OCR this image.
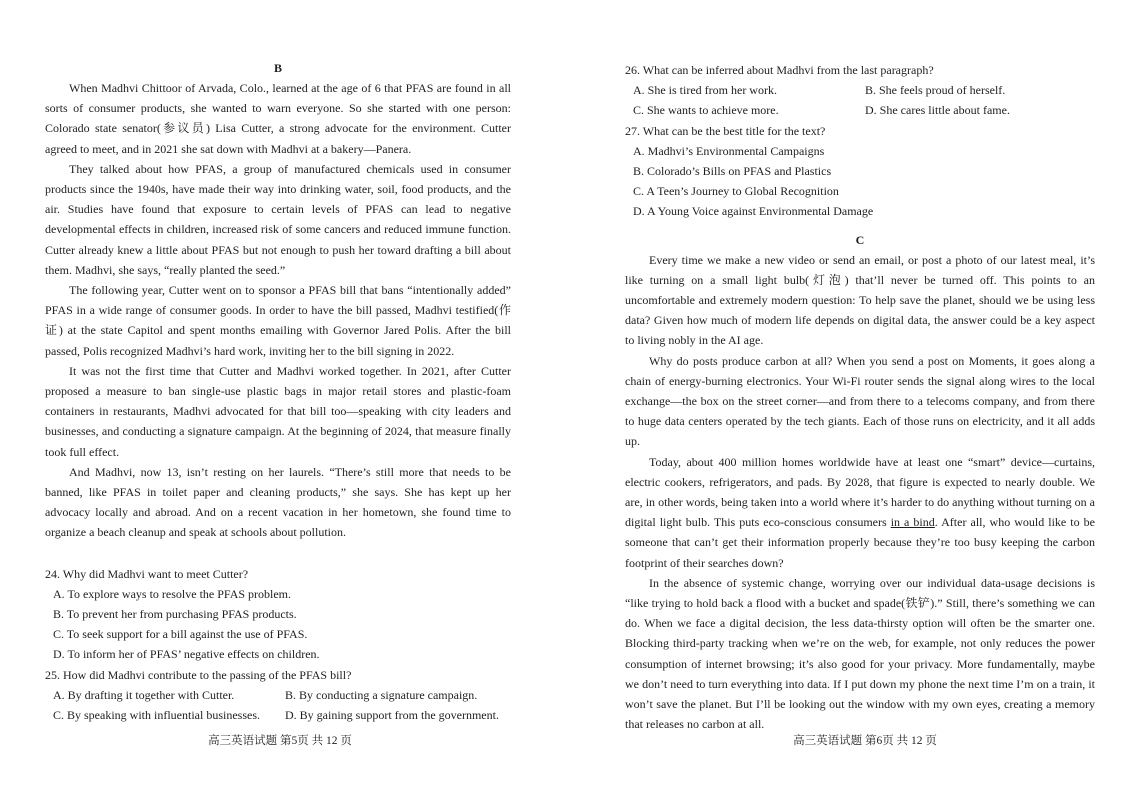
B

When Madhvi Chittoor of Arvada, Colo., learned at the age of 6 that PFAS are found in all sorts of consumer products, she wanted to warn everyone. So she started with one person: Colorado state senator(参议员) Lisa Cutter, a strong advocate for the environment. Cutter agreed to meet, and in 2021 she sat down with Madhvi at a bakery—Panera.

They talked about how PFAS, a group of manufactured chemicals used in consumer products since the 1940s, have made their way into drinking water, soil, food products, and the air. Studies have found that exposure to certain levels of PFAS can lead to negative developmental effects in children, increased risk of some cancers and reduced immune function. Cutter already knew a little about PFAS but not enough to push her toward drafting a bill about them. Madhvi, she says, “really planted the seed.”

The following year, Cutter went on to sponsor a PFAS bill that bans “intentionally added” PFAS in a wide range of consumer goods. In order to have the bill passed, Madhvi testified(作证) at the state Capitol and spent months emailing with Governor Jared Polis. After the bill passed, Polis recognized Madhvi’s hard work, inviting her to the bill signing in 2022.

It was not the first time that Cutter and Madhvi worked together. In 2021, after Cutter proposed a measure to ban single-use plastic bags in major retail stores and plastic-foam containers in restaurants, Madhvi advocated for that bill too—speaking with city leaders and businesses, and conducting a signature campaign. At the beginning of 2024, that measure finally took full effect.

And Madhvi, now 13, isn’t resting on her laurels. “There’s still more that needs to be banned, like PFAS in toilet paper and cleaning products,” she says. She has kept up her advocacy locally and abroad. And on a recent vacation in her hometown, she found time to organize a beach cleanup and speak at schools about pollution.

24. Why did Madhvi want to meet Cutter?

A. To explore ways to resolve the PFAS problem.

B. To prevent her from purchasing PFAS products.

C. To seek support for a bill against the use of PFAS.

D. To inform her of PFAS’ negative effects on children.

25. How did Madhvi contribute to the passing of the PFAS bill?

A. By drafting it together with Cutter.	B. By conducting a signature campaign.
C. By speaking with influential businesses.	D. By gaining support from the government.
高三英语试题 第5页 共 12 页

26. What can be inferred about Madhvi from the last paragraph?

A. She is tired from her work.	B. She feels proud of herself.
C. She wants to achieve more.	D. She cares little about fame.

27. What can be the best title for the text?

A. Madhvi’s Environmental Campaigns

B. Colorado’s Bills on PFAS and Plastics

C. A Teen’s Journey to Global Recognition

D. A Young Voice against Environmental Damage

C

Every time we make a new video or send an email, or post a photo of our latest meal, it’s like turning on a small light bulb(灯泡) that’ll never be turned off. This points to an uncomfortable and extremely modern question: To help save the planet, should we be using less data? Given how much of modern life depends on digital data, the answer could be a key aspect to living nobly in the AI age.

Why do posts produce carbon at all? When you send a post on Moments, it goes along a chain of energy-burning electronics. Your Wi-Fi router sends the signal along wires to the local exchange—the box on the street corner—and from there to a telecoms company, and from there to huge data centers operated by the tech giants. Each of those runs on electricity, and it all adds up.

Today, about 400 million homes worldwide have at least one “smart” device—curtains, electric cookers, refrigerators, and pads. By 2028, that figure is expected to nearly double. We are, in other words, being taken into a world where it’s harder to do anything without turning on a digital light bulb. This puts eco-conscious consumers in a bind. After all, who would like to be someone that can’t get their information properly because they’re too busy keeping the carbon footprint of their searches down?

In the absence of systemic change, worrying over our individual data-usage decisions is “like trying to hold back a flood with a bucket and spade(铁铲).” Still, there’s something we can do. When we face a digital decision, the less data-thirsty option will often be the smarter one. Blocking third-party tracking when we’re on the web, for example, not only reduces the power consumption of internet browsing; it’s also good for your privacy. More fundamentally, maybe we don’t need to turn everything into data. If I put down my phone the next time I’m on a train, it won’t save the planet. But I’ll be looking out the window with my own eyes, creating a memory that releases no carbon at all.

高三英语试题 第6页 共 12 页
